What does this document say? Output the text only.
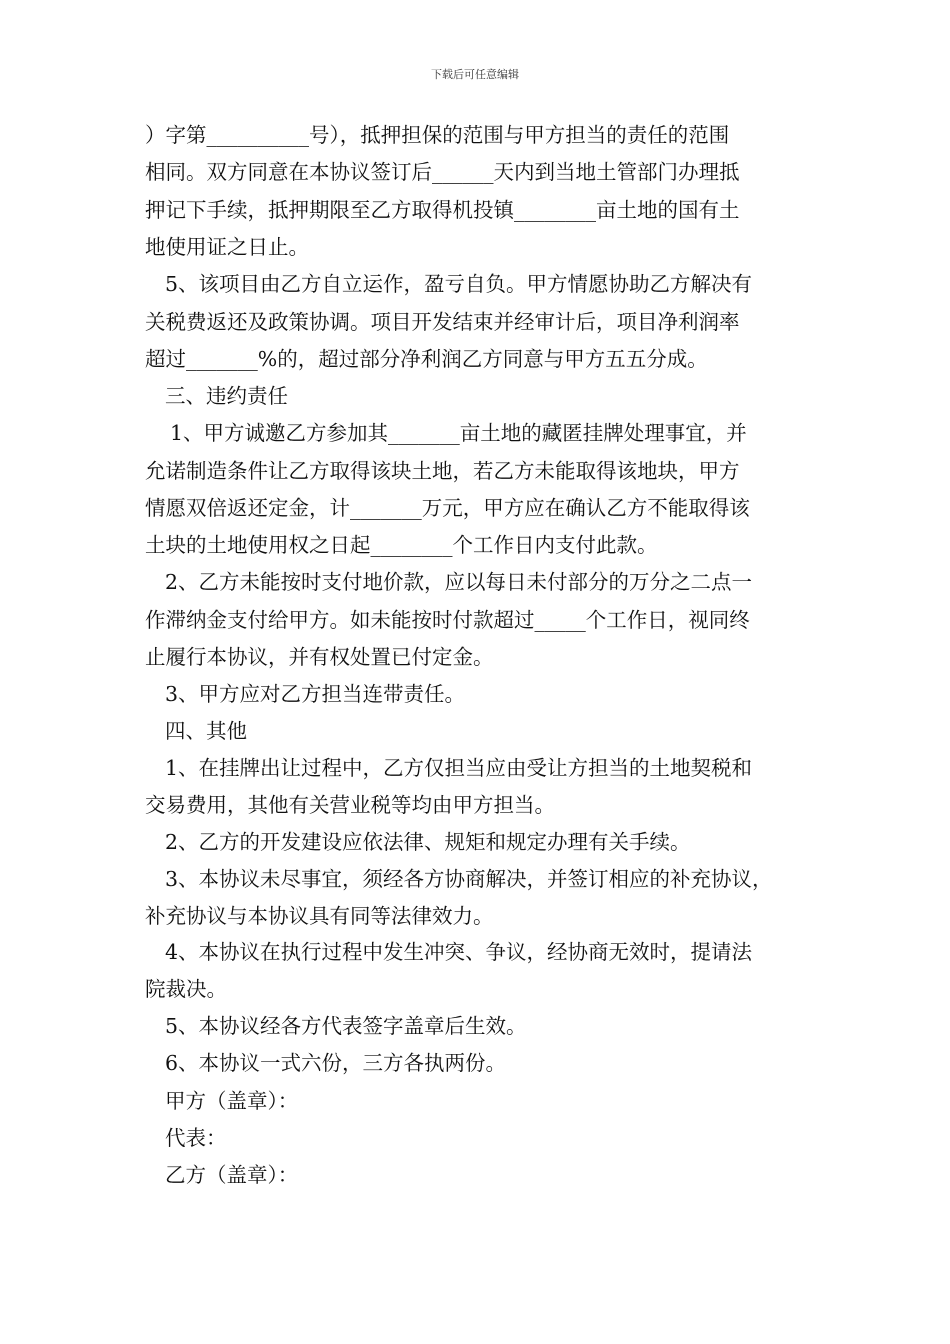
下载后可任意编辑
）字第__________号），抵押担保的范围与甲方担当的责任的范围
相同。双方同意在本协议签订后______天内到当地土管部门办理抵
押记下手续，抵押期限至乙方取得机投镇________亩土地的国有土
地使用证之日止。
5、该项目由乙方自立运作，盈亏自负。甲方情愿协助乙方解决有
关税费返还及政策协调。项目开发结束并经审计后，项目净利润率
超过_______%的，超过部分净利润乙方同意与甲方五五分成。
三、违约责任
1、甲方诚邀乙方参加其_______亩土地的藏匿挂牌处理事宜，并
允诺制造条件让乙方取得该块土地，若乙方未能取得该地块，甲方
情愿双倍返还定金，计_______万元，甲方应在确认乙方不能取得该
土块的土地使用权之日起________个工作日内支付此款。
2、乙方未能按时支付地价款，应以每日未付部分的万分之二点一
作滞纳金支付给甲方。如未能按时付款超过_____个工作日，视同终
止履行本协议，并有权处置已付定金。
3、甲方应对乙方担当连带责任。
四、其他
1、在挂牌出让过程中，乙方仅担当应由受让方担当的土地契税和
交易费用，其他有关营业税等均由甲方担当。
2、乙方的开发建设应依法律、规矩和规定办理有关手续。
3、本协议未尽事宜，须经各方协商解决，并签订相应的补充协议，
补充协议与本协议具有同等法律效力。
4、本协议在执行过程中发生冲突、争议，经协商无效时，提请法
院裁决。
5、本协议经各方代表签字盖章后生效。
6、本协议一式六份，三方各执两份。
甲方（盖章）：
代表：
乙方（盖章）：
